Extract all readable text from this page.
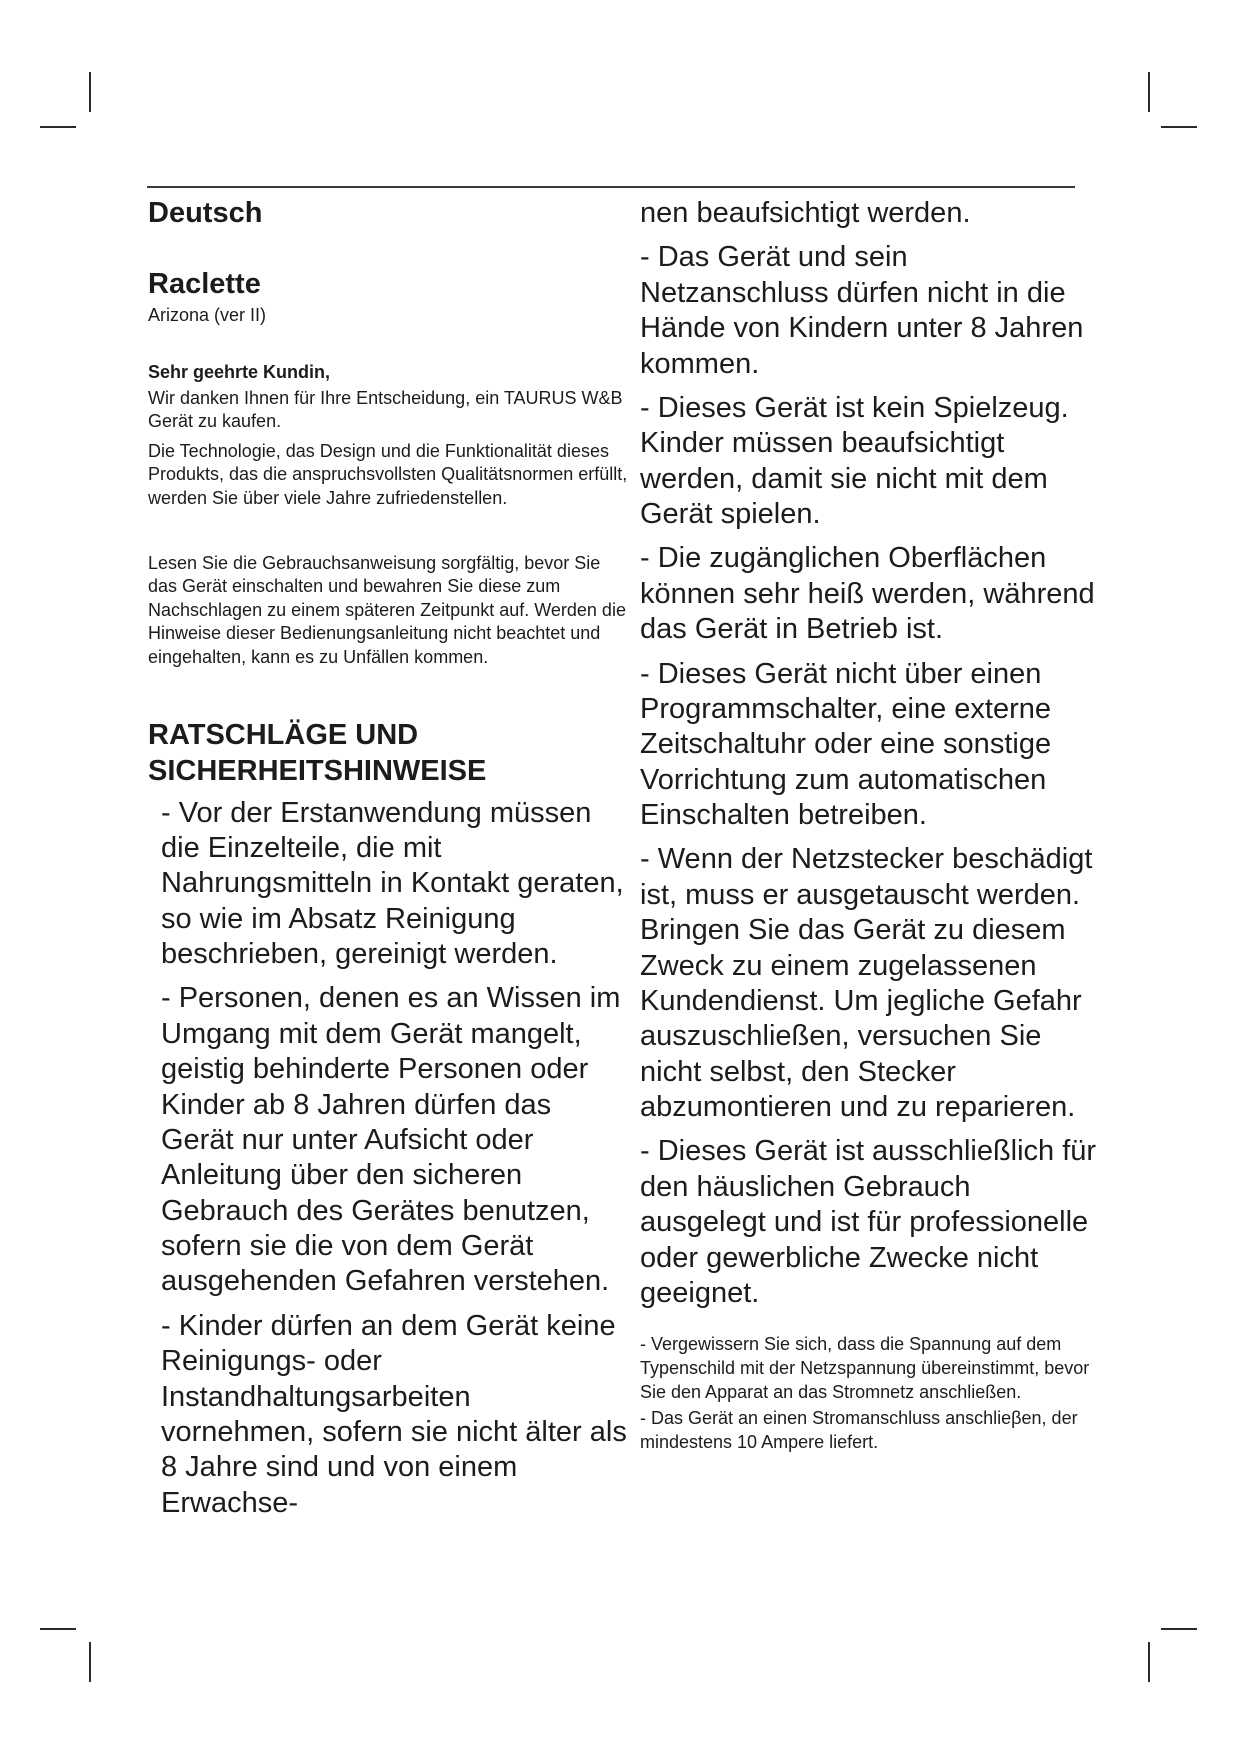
Deutsch

Raclette

Arizona (ver II)

Sehr geehrte Kundin,

Wir danken Ihnen für Ihre Entscheidung, ein TAURUS W&B Gerät zu kaufen.

Die Technologie, das Design und die Funktionalität dieses Produkts, das die anspruchsvollsten Qualitätsnormen erfüllt, werden Sie über viele Jahre zufriedenstellen.

Lesen Sie die Gebrauchsanweisung sorgfältig, bevor Sie das Gerät einschalten und bewahren Sie diese zum Nachschlagen zu einem späteren Zeitpunkt auf. Werden die Hinweise dieser Bedienungsanleitung nicht beachtet und eingehalten, kann es zu Unfällen kommen.

RATSCHLÄGE UND SICHERHEITSHINWEISE

- Vor der Erstanwendung müssen die Einzelteile, die mit Nahrungsmitteln in Kontakt geraten, so wie im Absatz Reinigung beschrieben, gereinigt werden.

- Personen, denen es an Wissen im Umgang mit dem Gerät mangelt, geistig behinderte Personen oder Kinder ab 8 Jahren dürfen das Gerät nur unter Aufsicht oder Anleitung über den sicheren Gebrauch des Gerätes benutzen, sofern sie die von dem Gerät ausgehenden Gefahren verstehen.

- Kinder dürfen an dem Gerät keine Reinigungs- oder Instandhaltungsarbeiten vornehmen, sofern sie nicht älter als 8 Jahre sind und von einem Erwachse-

nen beaufsichtigt werden.

- Das Gerät und sein Netzanschluss dürfen nicht in die Hände von Kindern unter 8 Jahren kommen.

- Dieses Gerät ist kein Spielzeug. Kinder müssen beaufsichtigt werden, damit sie nicht mit dem Gerät spielen.

- Die zugänglichen Oberflächen können sehr heiß werden, während das Gerät in Betrieb ist.

- Dieses Gerät nicht über einen Programmschalter, eine externe Zeitschaltuhr oder eine sonstige Vorrichtung zum automatischen Einschalten betreiben.

- Wenn der Netzstecker beschädigt ist, muss er ausgetauscht werden. Bringen Sie das Gerät zu diesem Zweck zu einem zugelassenen Kundendienst. Um jegliche Gefahr auszuschließen, versuchen Sie nicht selbst, den Stecker abzumontieren und zu reparieren.

- Dieses Gerät ist ausschließlich für den häuslichen Gebrauch ausgelegt und ist für professionelle oder gewerbliche Zwecke nicht geeignet.

- Vergewissern Sie sich, dass die Spannung auf dem Typenschild mit der Netzspannung übereinstimmt, bevor Sie den Apparat an das Stromnetz anschließen.

- Das Gerät an einen Stromanschluss anschlieβen, der mindestens 10 Ampere liefert.
